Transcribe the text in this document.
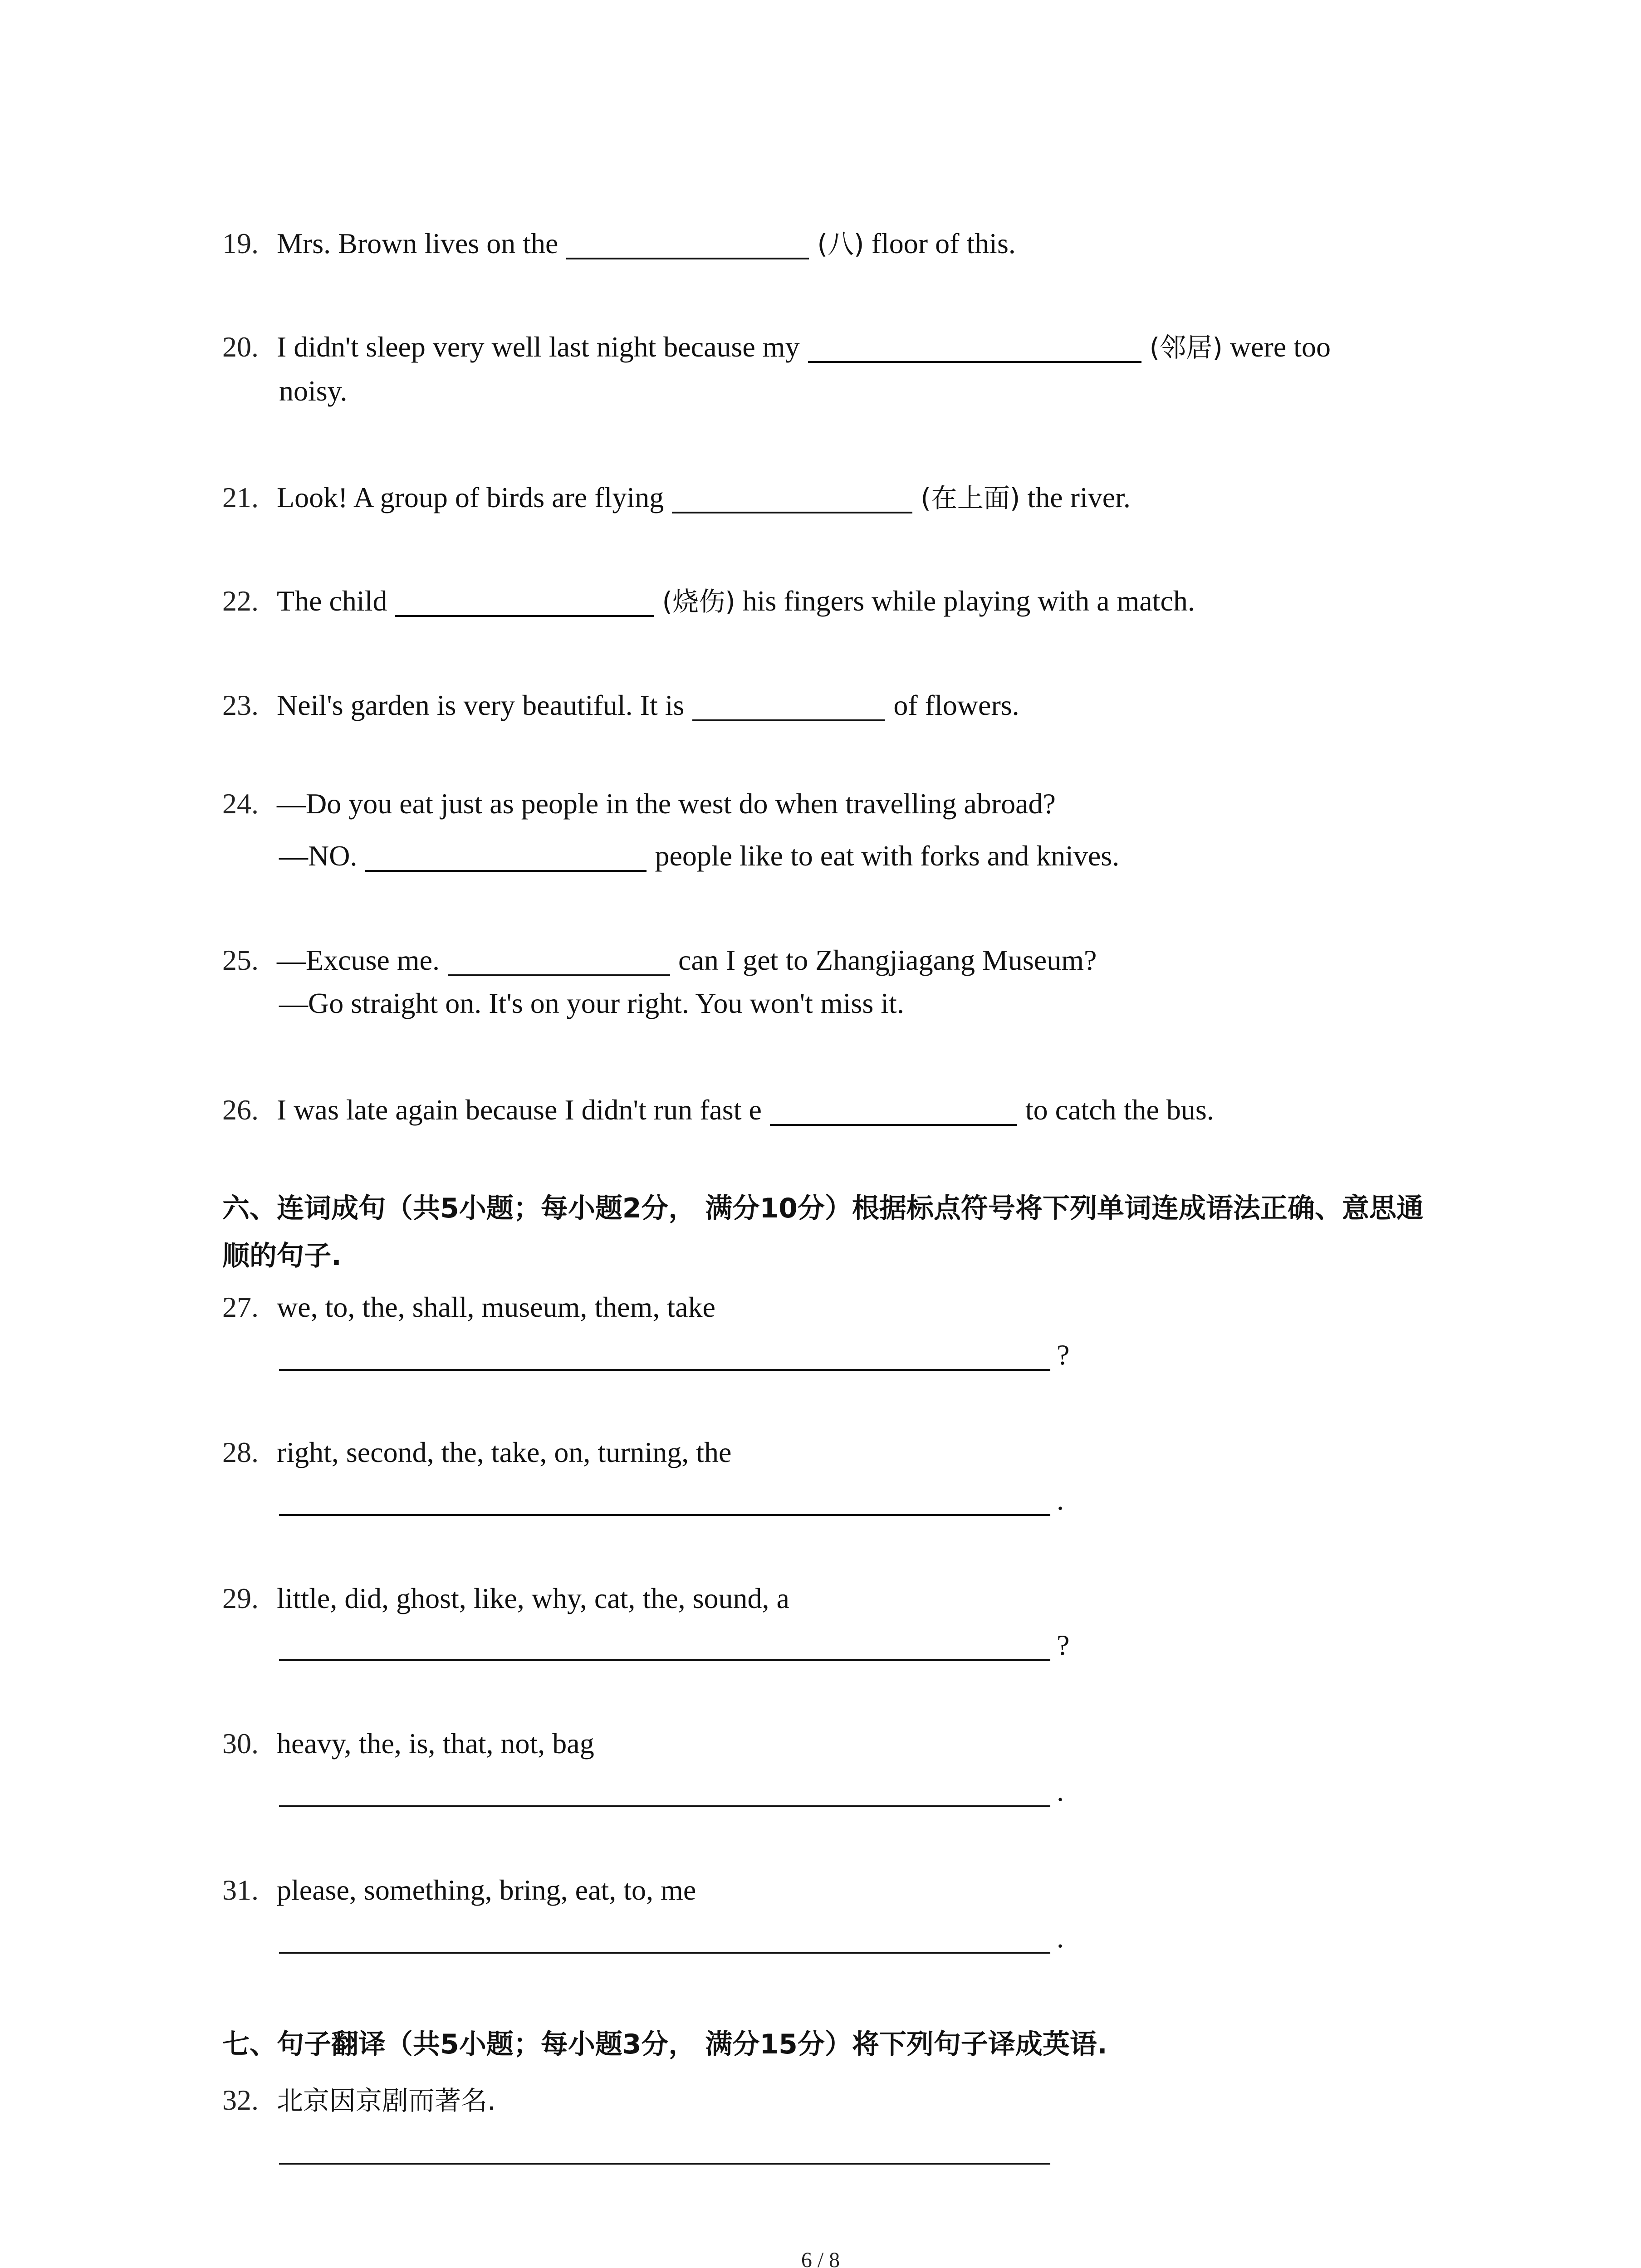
19. Mrs. Brown lives on the	(八) floor of this.
20. I didn't sleep very well last night because my	(邻居) were too
noisy.
21. Look! A group of birds are flying	(在上面) the river.
22. The child	(烧伤) his fingers while playing with a match.
23. Neil's garden is very beautiful. It is	of flowers.
24. —Do you eat just as people in the west do when travelling abroad?
—NO.	people like to eat with forks and knives.
25. —Excuse me.	can I get to Zhangjiagang Museum?
—Go straight on. It's on your right. You won't miss it.
26. I was late again because I didn't run fast e	to catch the bus.
六、连词成句（共5小题；每小题2分， 满分10分）根据标点符号将下列单词连成语法正确、意思通顺的句子.
27. we, to, the, shall, museum, them, take
?
28. right, second, the, take, on, turning, the
.
29. little, did, ghost, like, why, cat, the, sound, a
?
30. heavy, the, is, that, not, bag
.
31. please, something, bring, eat, to, me
.
七、句子翻译（共5小题；每小题3分， 满分15分）将下列句子译成英语.
32. 北京因京剧而著名.
6 / 8
